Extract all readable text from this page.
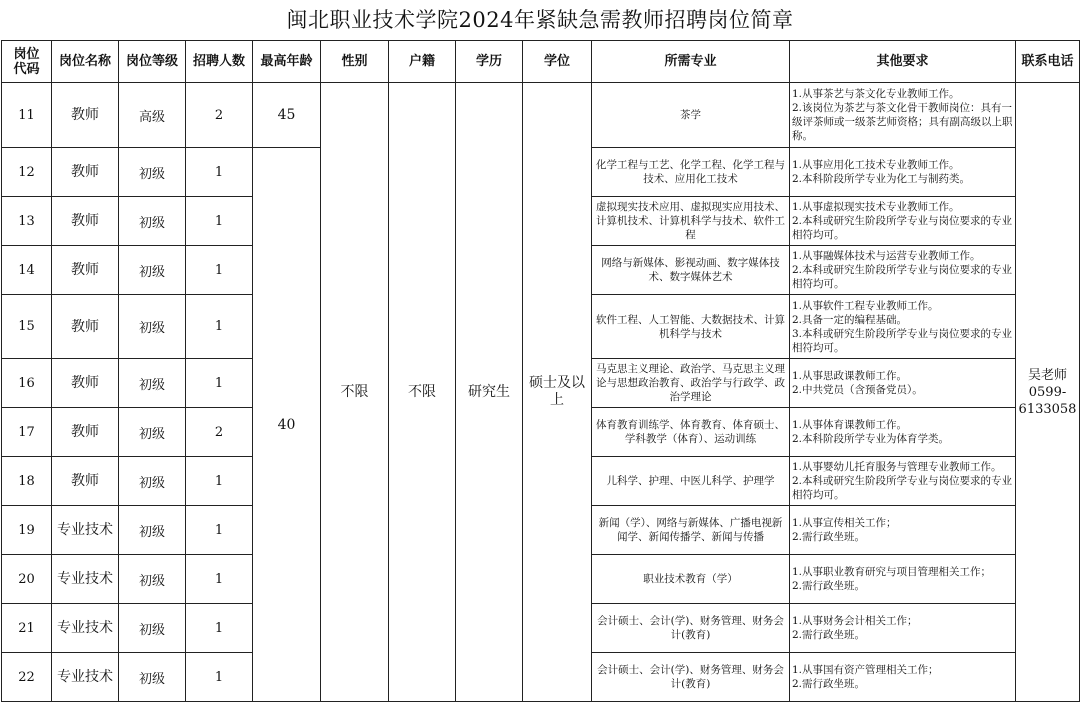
闽北职业技术学院2024年紧缺急需教师招聘岗位简章
岗位
代码	岗位名称	岗位等级	招聘人数	最高年龄	性别	户籍	学历	学位	所需专业	其他要求	联系电话
11	教师	高级	2	45	不限	不限	研究生	硕士及以上	茶学	1.从事茶艺与茶文化专业教师工作。
2.该岗位为茶艺与茶文化骨干教师岗位：具有一级评茶师或一级茶艺师资格；具有副高级以上职称。	吴老师
0599-
6133058
12	教师	初级	1	40					化学工程与工艺、化学工程、化学工程与技术、应用化工技术	1.从事应用化工技术专业教师工作。
2.本科阶段所学专业为化工与制药类。	
13	教师	初级	1						虚拟现实技术应用、虚拟现实应用技术、计算机技术、计算机科学与技术、软件工程	1.从事虚拟现实技术专业教师工作。
2.本科或研究生阶段所学专业与岗位要求的专业相符均可。	
14	教师	初级	1						网络与新媒体、影视动画、数字媒体技术、数字媒体艺术	1.从事融媒体技术与运营专业教师工作。
2.本科或研究生阶段所学专业与岗位要求的专业相符均可。	
15	教师	初级	1						软件工程、人工智能、大数据技术、计算机科学与技术	1.从事软件工程专业教师工作。
2.具备一定的编程基础。
3.本科或研究生阶段所学专业与岗位要求的专业相符均可。	
16	教师	初级	1						马克思主义理论、政治学、马克思主义理论与思想政治教育、政治学与行政学、政治学理论	1.从事思政课教师工作。
2.中共党员（含预备党员）。	
17	教师	初级	2						体育教育训练学、体育教育、体育硕士、学科教学（体育）、运动训练	1.从事体育课教师工作。
2.本科阶段所学专业为体育学类。	
18	教师	初级	1						儿科学、护理、中医儿科学、护理学	1.从事婴幼儿托育服务与管理专业教师工作。
2.本科或研究生阶段所学专业与岗位要求的专业相符均可。	
19	专业技术	初级	1						新闻（学）、网络与新媒体、广播电视新闻学、新闻传播学、新闻与传播	1.从事宣传相关工作；
2.需行政坐班。	
20	专业技术	初级	1						职业技术教育（学）	1.从事职业教育研究与项目管理相关工作；
2.需行政坐班。	
21	专业技术	初级	1						会计硕士、会计(学)、财务管理、财务会计(教育)	1.从事财务会计相关工作；
2.需行政坐班。	
22	专业技术	初级	1						会计硕士、会计(学)、财务管理、财务会计(教育)	1.从事国有资产管理相关工作；
2.需行政坐班。	
